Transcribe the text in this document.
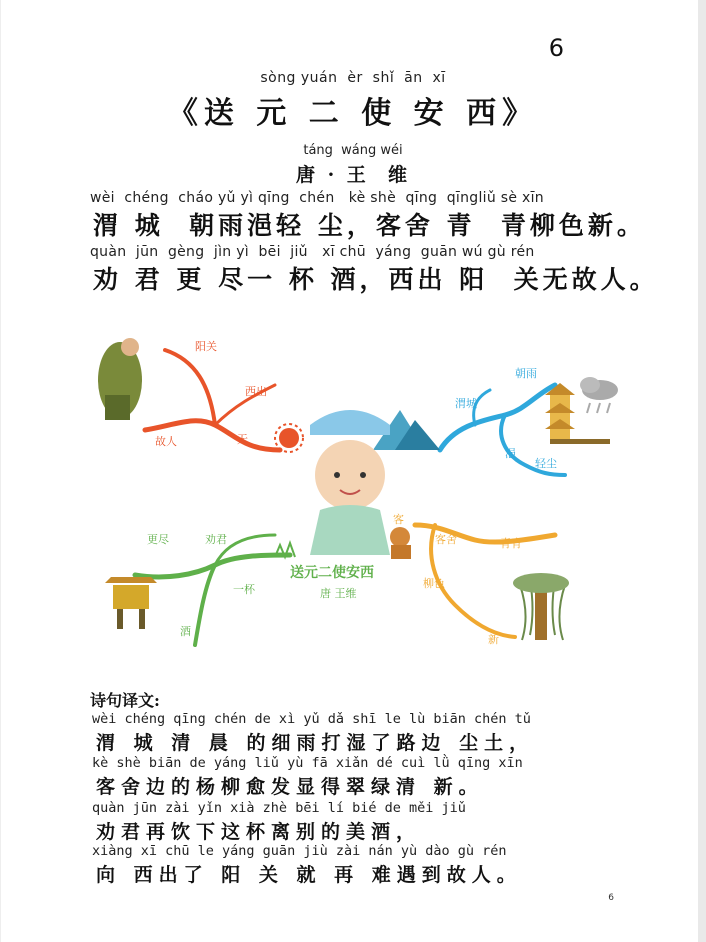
6
sòng yuán  èr  shǐ  ān  xī
《送 元 二 使 安 西》
táng  wáng wéi
唐 · 王  维
wèi  chéng  cháo yǔ yì qīng  chén   kè shè  qīng  qīngliǔ sè xīn
渭 城  朝雨浥轻 尘，客舍 青  青柳色新。
quàn  jūn  gèng  jìn yì  bēi  jiǔ   xī chū  yáng  guān wú gù rén
劝 君 更 尽一 杯 酒，西出 阳  关无故人。
送元二使安西
唐 王维
阳关
西出
故人	无
渭城
朝雨
浥
轻尘
更尽	劝君
一杯
酒
客
客舍	青青
柳色
新
诗句译文:
wèi chéng qīng chén de xì yǔ dǎ shī le lù biān chén tǔ
渭 城 清 晨 的细雨打湿了路边 尘土，
kè shè biān de yáng liǔ yù fā xiǎn dé cuì lǜ qīng xīn
客舍边的杨柳愈发显得翠绿清 新。
quàn jūn zài yǐn xià zhè bēi lí bié de měi jiǔ
劝君再饮下这杯离别的美酒，
xiàng xī chū le yáng guān jiù zài nán yù dào gù rén
向 西出了 阳 关 就 再 难遇到故人。
6
